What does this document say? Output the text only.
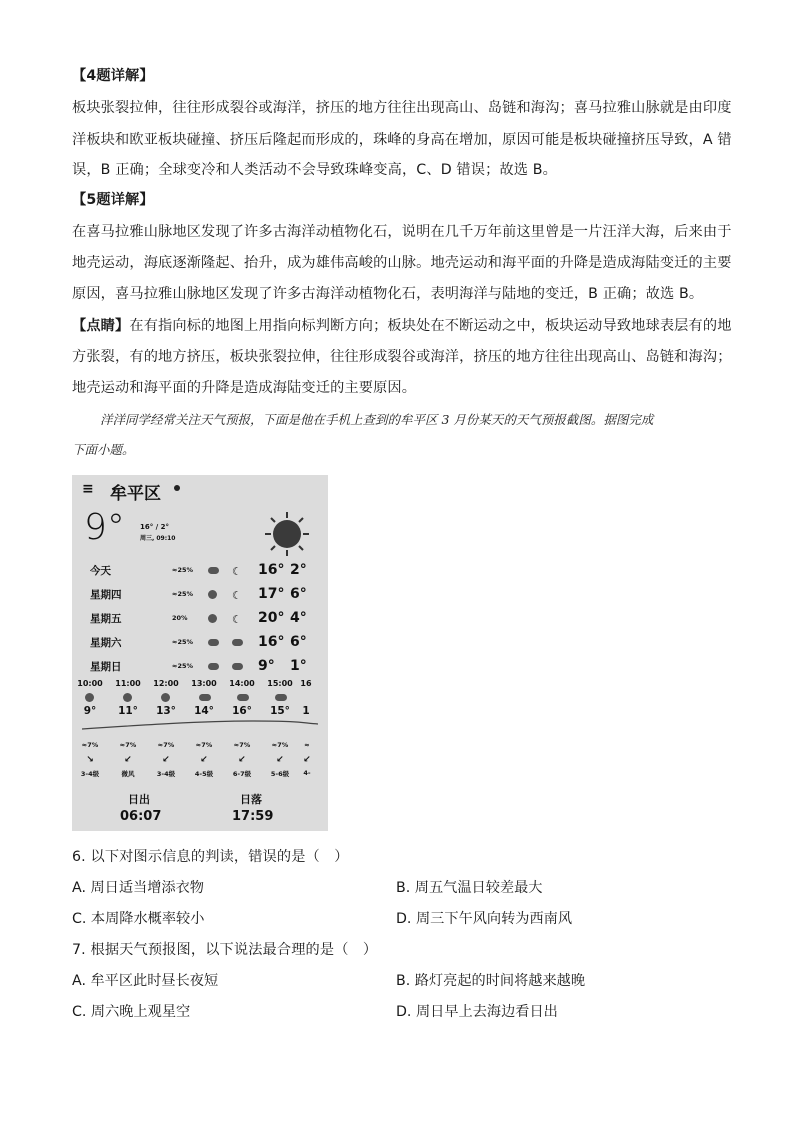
【4题详解】
板块张裂拉伸，往往形成裂谷或海洋，挤压的地方往往出现高山、岛链和海沟；喜马拉雅山脉就是由印度
洋板块和欧亚板块碰撞、挤压后隆起而形成的，珠峰的身高在增加，原因可能是板块碰撞挤压导致，A 错
误，B 正确；全球变冷和人类活动不会导致珠峰变高，C、D 错误；故选 B。
【5题详解】
在喜马拉雅山脉地区发现了许多古海洋动植物化石，说明在几千万年前这里曾是一片汪洋大海，后来由于
地壳运动，海底逐渐隆起、抬升，成为雄伟高峻的山脉。地壳运动和海平面的升降是造成海陆变迁的主要
原因，喜马拉雅山脉地区发现了许多古海洋动植物化石，表明海洋与陆地的变迁，B 正确；故选 B。
【点睛】在有指向标的地图上用指向标判断方向；板块处在不断运动之中，板块运动导致地球表层有的地
方张裂，有的地方挤压，板块张裂拉伸，往往形成裂谷或海洋，挤压的地方往往出现高山、岛链和海沟；
地壳运动和海平面的升降是造成海陆变迁的主要原因。
洋洋同学经常关注天气预报，下面是他在手机上查到的牟平区 3 月份某天的天气预报截图。据图完成
下面小题。
≡ 牟平区
9° 16° / 2°
周三, 09:10
今天	≈25%	☾ 16° 2°
星期四	≈25%	☾ 17° 6°
星期五	20%	☾ 20° 4°
星期六	≈25%	16° 6°
星期日	≈25%	9° 1°
10:00	11:00	12:00	13:00	14:00	15:00 16
9°	11°	13°	14°	16°	15°	1
≈7%	≈7%	≈7%	≈7%	≈7%	≈7%	≈
↘	↙	↙	↙	↙	↙	↙
3-4级	微风	3-4级	4-5级	6-7级	5-6级	4-
日出
06:07
日落
17:59
6. 以下对图示信息的判读，错误的是（　）
A. 周日适当增添衣物	B. 周五气温日较差最大
C. 本周降水概率较小	D. 周三下午风向转为西南风
7. 根据天气预报图，以下说法最合理的是（　）
A. 牟平区此时昼长夜短	B. 路灯亮起的时间将越来越晚
C. 周六晚上观星空	D. 周日早上去海边看日出
